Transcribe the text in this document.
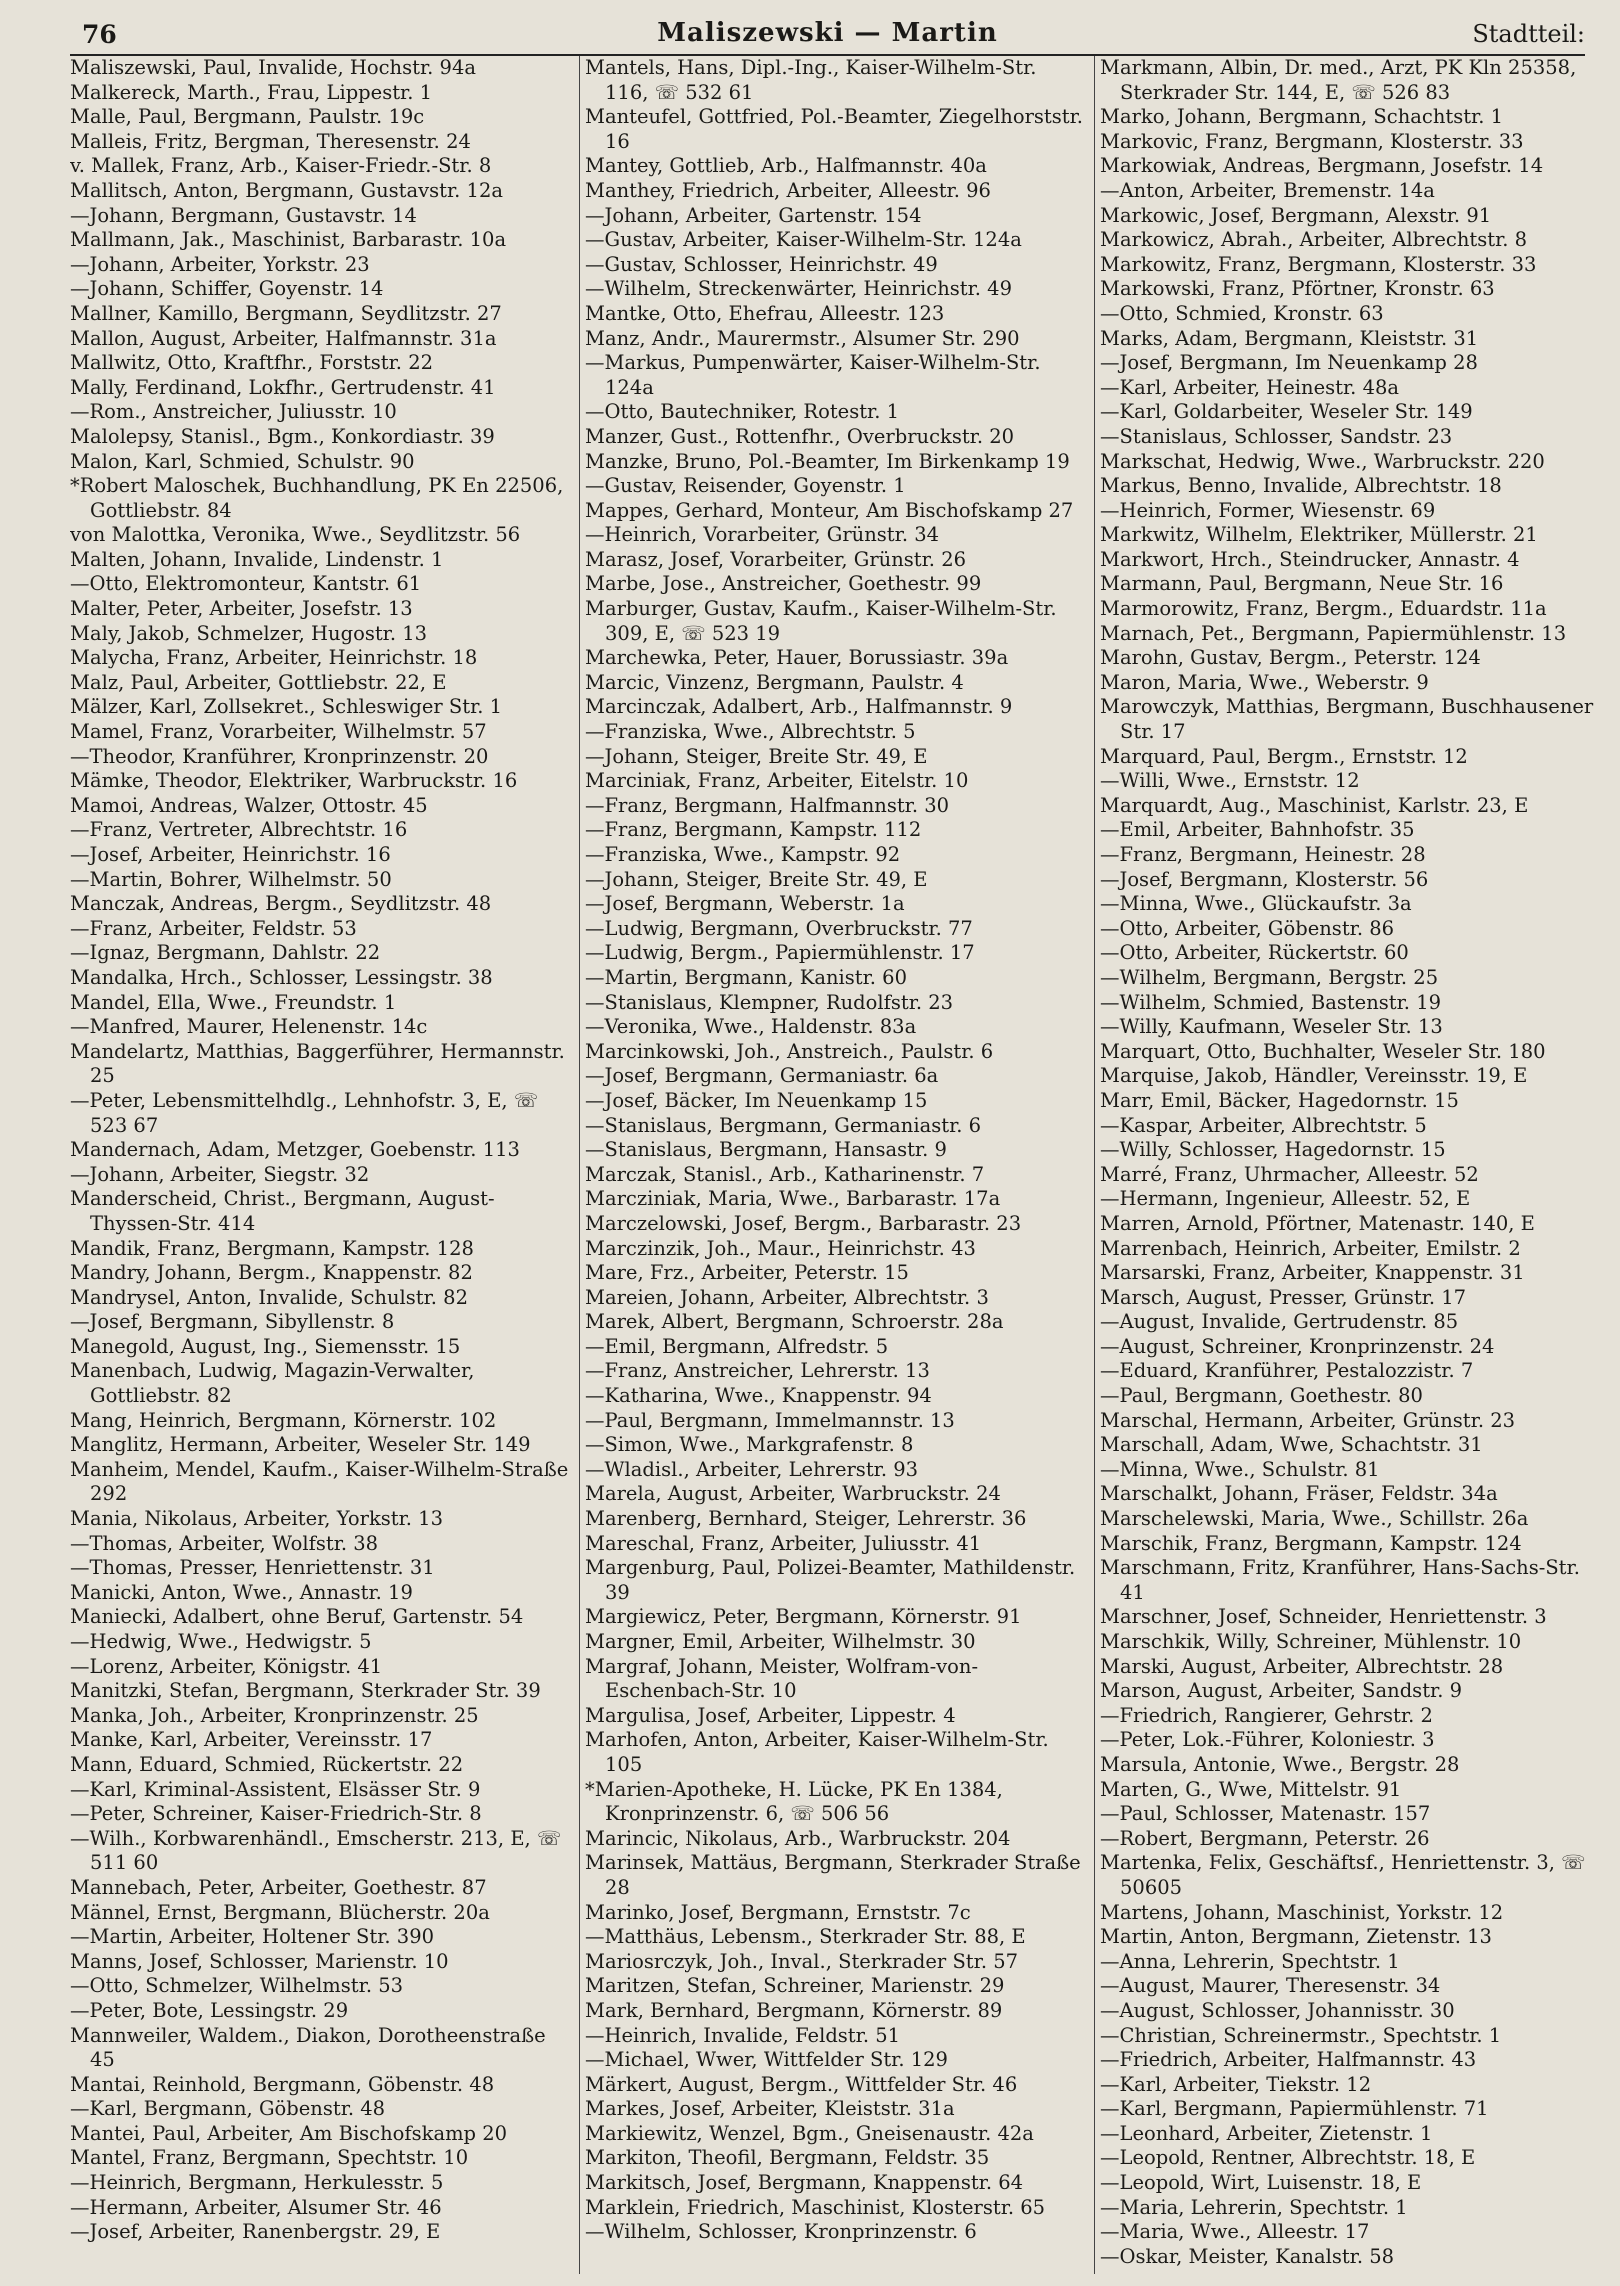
76	Maliszewski — Martin	Stadtteil:
Maliszewski, Paul, Invalide, Hochstr. 94a
Malkereck, Marth., Frau, Lippestr. 1
Malle, Paul, Bergmann, Paulstr. 19c
Malleis, Fritz, Bergman, Theresenstr. 24
v. Mallek, Franz, Arb., Kaiser-Friedr.-Str. 8
Mallitsch, Anton, Bergmann, Gustavstr. 12a
—Johann, Bergmann, Gustavstr. 14
Mallmann, Jak., Maschinist, Barbarastr. 10a
—Johann, Arbeiter, Yorkstr. 23
—Johann, Schiffer, Goyenstr. 14
Mallner, Kamillo, Bergmann, Seydlitzstr. 27
Mallon, August, Arbeiter, Halfmannstr. 31a
Mallwitz, Otto, Kraftfhr., Forststr. 22
Mally, Ferdinand, Lokfhr., Gertrudenstr. 41
—Rom., Anstreicher, Juliusstr. 10
Malolepsy, Stanisl., Bgm., Konkordiastr. 39
Malon, Karl, Schmied, Schulstr. 90
*Robert Maloschek, Buchhandlung, PK En 22506, Gottliebstr. 84
von Malottka, Veronika, Wwe., Seydlitzstr. 56
Malten, Johann, Invalide, Lindenstr. 1
—Otto, Elektromonteur, Kantstr. 61
Malter, Peter, Arbeiter, Josefstr. 13
Maly, Jakob, Schmelzer, Hugostr. 13
Malycha, Franz, Arbeiter, Heinrichstr. 18
Malz, Paul, Arbeiter, Gottliebstr. 22, E
Mälzer, Karl, Zollsekret., Schleswiger Str. 1
Mamel, Franz, Vorarbeiter, Wilhelmstr. 57
—Theodor, Kranführer, Kronprinzenstr. 20
Mämke, Theodor, Elektriker, Warbruckstr. 16
Mamoi, Andreas, Walzer, Ottostr. 45
—Franz, Vertreter, Albrechtstr. 16
—Josef, Arbeiter, Heinrichstr. 16
—Martin, Bohrer, Wilhelmstr. 50
Manczak, Andreas, Bergm., Seydlitzstr. 48
—Franz, Arbeiter, Feldstr. 53
—Ignaz, Bergmann, Dahlstr. 22
Mandalka, Hrch., Schlosser, Lessingstr. 38
Mandel, Ella, Wwe., Freundstr. 1
—Manfred, Maurer, Helenenstr. 14c
Mandelartz, Matthias, Baggerführer, Hermannstr. 25
—Peter, Lebensmittelhdlg., Lehnhofstr. 3, E, ☏ 523 67
Mandernach, Adam, Metzger, Goebenstr. 113
—Johann, Arbeiter, Siegstr. 32
Manderscheid, Christ., Bergmann, August-Thyssen-Str. 414
Mandik, Franz, Bergmann, Kampstr. 128
Mandry, Johann, Bergm., Knappenstr. 82
Mandrysel, Anton, Invalide, Schulstr. 82
—Josef, Bergmann, Sibyllenstr. 8
Manegold, August, Ing., Siemensstr. 15
Manenbach, Ludwig, Magazin-Verwalter, Gottliebstr. 82
Mang, Heinrich, Bergmann, Körnerstr. 102
Manglitz, Hermann, Arbeiter, Weseler Str. 149
Manheim, Mendel, Kaufm., Kaiser-Wilhelm-Straße 292
Mania, Nikolaus, Arbeiter, Yorkstr. 13
—Thomas, Arbeiter, Wolfstr. 38
—Thomas, Presser, Henriettenstr. 31
Manicki, Anton, Wwe., Annastr. 19
Maniecki, Adalbert, ohne Beruf, Gartenstr. 54
—Hedwig, Wwe., Hedwigstr. 5
—Lorenz, Arbeiter, Königstr. 41
Manitzki, Stefan, Bergmann, Sterkrader Str. 39
Manka, Joh., Arbeiter, Kronprinzenstr. 25
Manke, Karl, Arbeiter, Vereinsstr. 17
Mann, Eduard, Schmied, Rückertstr. 22
—Karl, Kriminal-Assistent, Elsässer Str. 9
—Peter, Schreiner, Kaiser-Friedrich-Str. 8
—Wilh., Korbwarenhändl., Emscherstr. 213, E, ☏ 511 60
Mannebach, Peter, Arbeiter, Goethestr. 87
Männel, Ernst, Bergmann, Blücherstr. 20a
—Martin, Arbeiter, Holtener Str. 390
Manns, Josef, Schlosser, Marienstr. 10
—Otto, Schmelzer, Wilhelmstr. 53
—Peter, Bote, Lessingstr. 29
Mannweiler, Waldem., Diakon, Dorotheenstraße 45
Mantai, Reinhold, Bergmann, Göbenstr. 48
—Karl, Bergmann, Göbenstr. 48
Mantei, Paul, Arbeiter, Am Bischofskamp 20
Mantel, Franz, Bergmann, Spechtstr. 10
—Heinrich, Bergmann, Herkulesstr. 5
—Hermann, Arbeiter, Alsumer Str. 46
—Josef, Arbeiter, Ranenbergstr. 29, E
Mantels, Hans, Dipl.-Ing., Kaiser-Wilhelm-Str. 116, ☏ 532 61
Manteufel, Gottfried, Pol.-Beamter, Ziegelhorststr. 16
Mantey, Gottlieb, Arb., Halfmannstr. 40a
Manthey, Friedrich, Arbeiter, Alleestr. 96
—Johann, Arbeiter, Gartenstr. 154
—Gustav, Arbeiter, Kaiser-Wilhelm-Str. 124a
—Gustav, Schlosser, Heinrichstr. 49
—Wilhelm, Streckenwärter, Heinrichstr. 49
Mantke, Otto, Ehefrau, Alleestr. 123
Manz, Andr., Maurermstr., Alsumer Str. 290
—Markus, Pumpenwärter, Kaiser-Wilhelm-Str. 124a
—Otto, Bautechniker, Rotestr. 1
Manzer, Gust., Rottenfhr., Overbruckstr. 20
Manzke, Bruno, Pol.-Beamter, Im Birkenkamp 19
—Gustav, Reisender, Goyenstr. 1
Mappes, Gerhard, Monteur, Am Bischofskamp 27
—Heinrich, Vorarbeiter, Grünstr. 34
Marasz, Josef, Vorarbeiter, Grünstr. 26
Marbe, Jose., Anstreicher, Goethestr. 99
Marburger, Gustav, Kaufm., Kaiser-Wilhelm-Str. 309, E, ☏ 523 19
Marchewka, Peter, Hauer, Borussiastr. 39a
Marcic, Vinzenz, Bergmann, Paulstr. 4
Marcinczak, Adalbert, Arb., Halfmannstr. 9
—Franziska, Wwe., Albrechtstr. 5
—Johann, Steiger, Breite Str. 49, E
Marciniak, Franz, Arbeiter, Eitelstr. 10
—Franz, Bergmann, Halfmannstr. 30
—Franz, Bergmann, Kampstr. 112
—Franziska, Wwe., Kampstr. 92
—Johann, Steiger, Breite Str. 49, E
—Josef, Bergmann, Weberstr. 1a
—Ludwig, Bergmann, Overbruckstr. 77
—Ludwig, Bergm., Papiermühlenstr. 17
—Martin, Bergmann, Kanistr. 60
—Stanislaus, Klempner, Rudolfstr. 23
—Veronika, Wwe., Haldenstr. 83a
Marcinkowski, Joh., Anstreich., Paulstr. 6
—Josef, Bergmann, Germaniastr. 6a
—Josef, Bäcker, Im Neuenkamp 15
—Stanislaus, Bergmann, Germaniastr. 6
—Stanislaus, Bergmann, Hansastr. 9
Marczak, Stanisl., Arb., Katharinenstr. 7
Marcziniak, Maria, Wwe., Barbarastr. 17a
Marczelowski, Josef, Bergm., Barbarastr. 23
Marczinzik, Joh., Maur., Heinrichstr. 43
Mare, Frz., Arbeiter, Peterstr. 15
Mareien, Johann, Arbeiter, Albrechtstr. 3
Marek, Albert, Bergmann, Schroerstr. 28a
—Emil, Bergmann, Alfredstr. 5
—Franz, Anstreicher, Lehrerstr. 13
—Katharina, Wwe., Knappenstr. 94
—Paul, Bergmann, Immelmannstr. 13
—Simon, Wwe., Markgrafenstr. 8
—Wladisl., Arbeiter, Lehrerstr. 93
Marela, August, Arbeiter, Warbruckstr. 24
Marenberg, Bernhard, Steiger, Lehrerstr. 36
Mareschal, Franz, Arbeiter, Juliusstr. 41
Margenburg, Paul, Polizei-Beamter, Mathildenstr. 39
Margiewicz, Peter, Bergmann, Körnerstr. 91
Margner, Emil, Arbeiter, Wilhelmstr. 30
Margraf, Johann, Meister, Wolfram-von-Eschenbach-Str. 10
Margulisa, Josef, Arbeiter, Lippestr. 4
Marhofen, Anton, Arbeiter, Kaiser-Wilhelm-Str. 105
*Marien-Apotheke, H. Lücke, PK En 1384, Kronprinzenstr. 6, ☏ 506 56
Marincic, Nikolaus, Arb., Warbruckstr. 204
Marinsek, Mattäus, Bergmann, Sterkrader Straße 28
Marinko, Josef, Bergmann, Ernststr. 7c
—Matthäus, Lebensm., Sterkrader Str. 88, E
Mariosrczyk, Joh., Inval., Sterkrader Str. 57
Maritzen, Stefan, Schreiner, Marienstr. 29
Mark, Bernhard, Bergmann, Körnerstr. 89
—Heinrich, Invalide, Feldstr. 51
—Michael, Wwer, Wittfelder Str. 129
Märkert, August, Bergm., Wittfelder Str. 46
Markes, Josef, Arbeiter, Kleiststr. 31a
Markiewitz, Wenzel, Bgm., Gneisenaustr. 42a
Markiton, Theofil, Bergmann, Feldstr. 35
Markitsch, Josef, Bergmann, Knappenstr. 64
Marklein, Friedrich, Maschinist, Klosterstr. 65
—Wilhelm, Schlosser, Kronprinzenstr. 6
Markmann, Albin, Dr. med., Arzt, PK Kln 25358, Sterkrader Str. 144, E, ☏ 526 83
Marko, Johann, Bergmann, Schachtstr. 1
Markovic, Franz, Bergmann, Klosterstr. 33
Markowiak, Andreas, Bergmann, Josefstr. 14
—Anton, Arbeiter, Bremenstr. 14a
Markowic, Josef, Bergmann, Alexstr. 91
Markowicz, Abrah., Arbeiter, Albrechtstr. 8
Markowitz, Franz, Bergmann, Klosterstr. 33
Markowski, Franz, Pförtner, Kronstr. 63
—Otto, Schmied, Kronstr. 63
Marks, Adam, Bergmann, Kleiststr. 31
—Josef, Bergmann, Im Neuenkamp 28
—Karl, Arbeiter, Heinestr. 48a
—Karl, Goldarbeiter, Weseler Str. 149
—Stanislaus, Schlosser, Sandstr. 23
Markschat, Hedwig, Wwe., Warbruckstr. 220
Markus, Benno, Invalide, Albrechtstr. 18
—Heinrich, Former, Wiesenstr. 69
Markwitz, Wilhelm, Elektriker, Müllerstr. 21
Markwort, Hrch., Steindrucker, Annastr. 4
Marmann, Paul, Bergmann, Neue Str. 16
Marmorowitz, Franz, Bergm., Eduardstr. 11a
Marnach, Pet., Bergmann, Papiermühlenstr. 13
Marohn, Gustav, Bergm., Peterstr. 124
Maron, Maria, Wwe., Weberstr. 9
Marowczyk, Matthias, Bergmann, Buschhausener Str. 17
Marquard, Paul, Bergm., Ernststr. 12
—Willi, Wwe., Ernststr. 12
Marquardt, Aug., Maschinist, Karlstr. 23, E
—Emil, Arbeiter, Bahnhofstr. 35
—Franz, Bergmann, Heinestr. 28
—Josef, Bergmann, Klosterstr. 56
—Minna, Wwe., Glückaufstr. 3a
—Otto, Arbeiter, Göbenstr. 86
—Otto, Arbeiter, Rückertstr. 60
—Wilhelm, Bergmann, Bergstr. 25
—Wilhelm, Schmied, Bastenstr. 19
—Willy, Kaufmann, Weseler Str. 13
Marquart, Otto, Buchhalter, Weseler Str. 180
Marquise, Jakob, Händler, Vereinsstr. 19, E
Marr, Emil, Bäcker, Hagedornstr. 15
—Kaspar, Arbeiter, Albrechtstr. 5
—Willy, Schlosser, Hagedornstr. 15
Marré, Franz, Uhrmacher, Alleestr. 52
—Hermann, Ingenieur, Alleestr. 52, E
Marren, Arnold, Pförtner, Matenastr. 140, E
Marrenbach, Heinrich, Arbeiter, Emilstr. 2
Marsarski, Franz, Arbeiter, Knappenstr. 31
Marsch, August, Presser, Grünstr. 17
—August, Invalide, Gertrudenstr. 85
—August, Schreiner, Kronprinzenstr. 24
—Eduard, Kranführer, Pestalozzistr. 7
—Paul, Bergmann, Goethestr. 80
Marschal, Hermann, Arbeiter, Grünstr. 23
Marschall, Adam, Wwe, Schachtstr. 31
—Minna, Wwe., Schulstr. 81
Marschalkt, Johann, Fräser, Feldstr. 34a
Marschelewski, Maria, Wwe., Schillstr. 26a
Marschik, Franz, Bergmann, Kampstr. 124
Marschmann, Fritz, Kranführer, Hans-Sachs-Str. 41
Marschner, Josef, Schneider, Henriettenstr. 3
Marschkik, Willy, Schreiner, Mühlenstr. 10
Marski, August, Arbeiter, Albrechtstr. 28
Marson, August, Arbeiter, Sandstr. 9
—Friedrich, Rangierer, Gehrstr. 2
—Peter, Lok.-Führer, Koloniestr. 3
Marsula, Antonie, Wwe., Bergstr. 28
Marten, G., Wwe, Mittelstr. 91
—Paul, Schlosser, Matenastr. 157
—Robert, Bergmann, Peterstr. 26
Martenka, Felix, Geschäftsf., Henriettenstr. 3, ☏ 50605
Martens, Johann, Maschinist, Yorkstr. 12
Martin, Anton, Bergmann, Zietenstr. 13
—Anna, Lehrerin, Spechtstr. 1
—August, Maurer, Theresenstr. 34
—August, Schlosser, Johannisstr. 30
—Christian, Schreinermstr., Spechtstr. 1
—Friedrich, Arbeiter, Halfmannstr. 43
—Karl, Arbeiter, Tiekstr. 12
—Karl, Bergmann, Papiermühlenstr. 71
—Leonhard, Arbeiter, Zietenstr. 1
—Leopold, Rentner, Albrechtstr. 18, E
—Leopold, Wirt, Luisenstr. 18, E
—Maria, Lehrerin, Spechtstr. 1
—Maria, Wwe., Alleestr. 17
—Oskar, Meister, Kanalstr. 58
